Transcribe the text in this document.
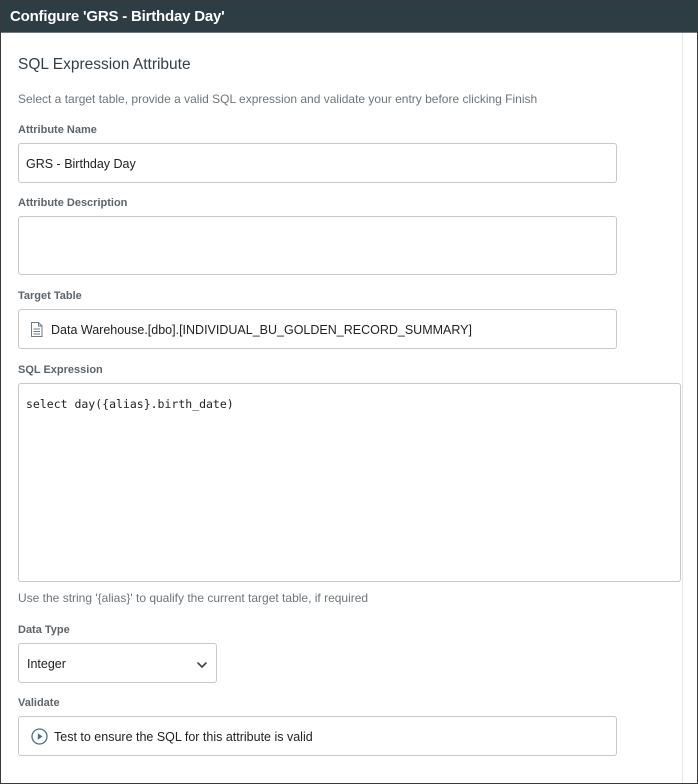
Configure 'GRS - Birthday Day'
SQL Expression Attribute
Select a target table, provide a valid SQL expression and validate your entry before clicking Finish
Attribute Name
GRS - Birthday Day
Attribute Description
Target Table
Data Warehouse.[dbo].[INDIVIDUAL_BU_GOLDEN_RECORD_SUMMARY]
SQL Expression
select day({alias}.birth_date)
Use the string '{alias}' to qualify the current target table, if required
Data Type
Integer
Validate
Test to ensure the SQL for this attribute is valid
